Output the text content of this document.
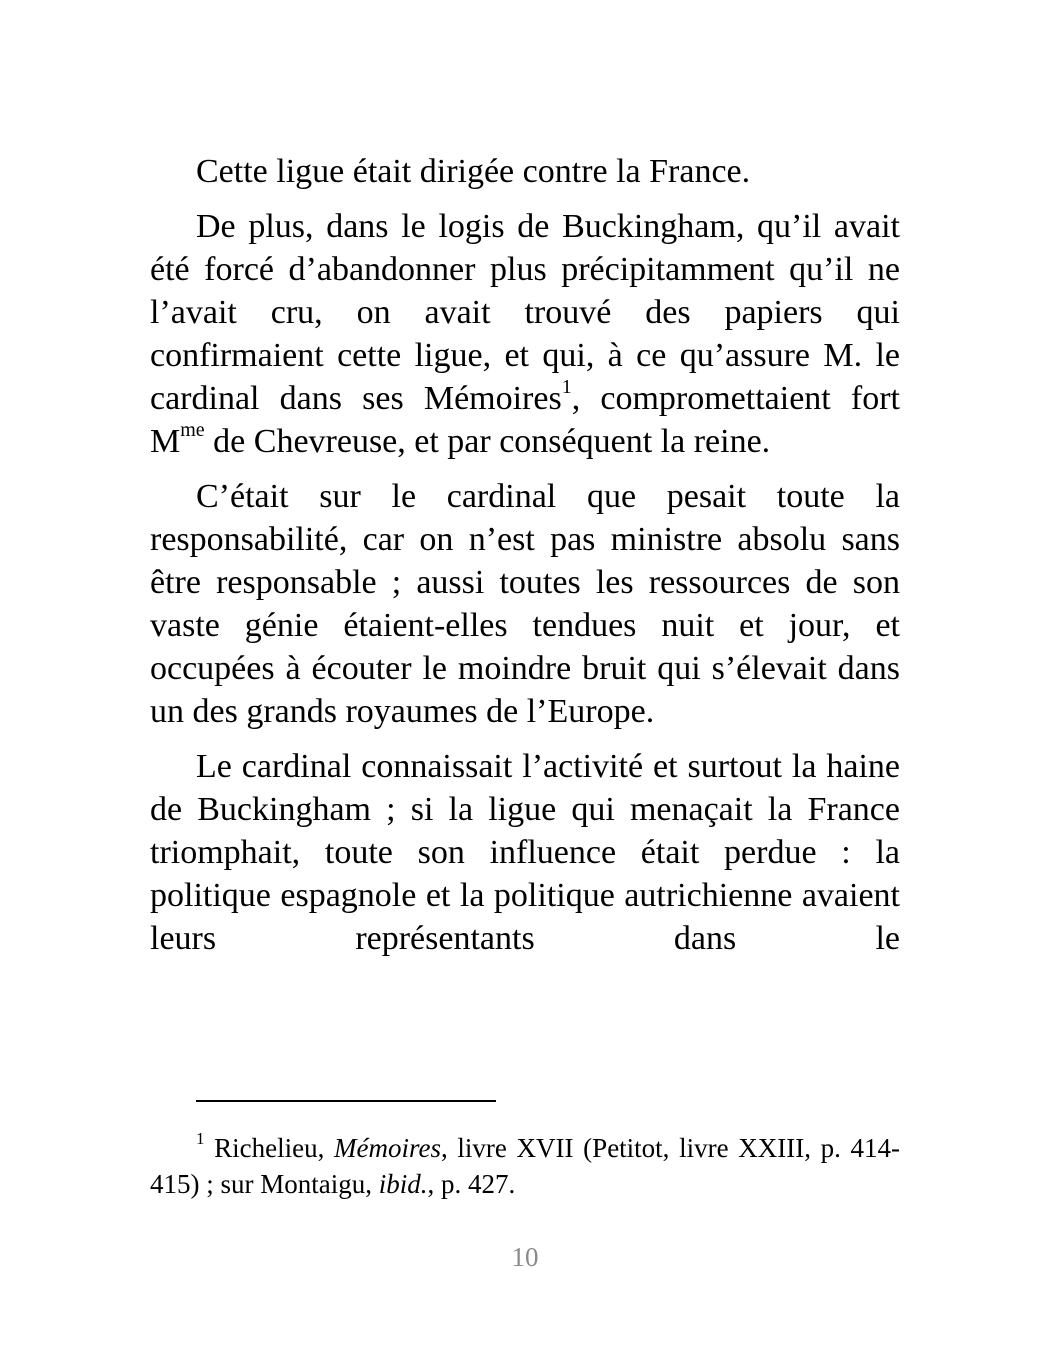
Cette ligue était dirigée contre la France.

De plus, dans le logis de Buckingham, qu’il avait été forcé d’abandonner plus précipitamment qu’il ne l’avait cru, on avait trouvé des papiers qui confirmaient cette ligue, et qui, à ce qu’assure M. le cardinal dans ses Mémoires$^1$, compromettaient fort $M^{me}$ de Chevreuse, et par conséquent la reine.

C’était sur le cardinal que pesait toute la responsabilité, car on n’est pas ministre absolu sans être responsable ; aussi toutes les ressources de son vaste génie étaient-elles tendues nuit et jour, et occupées à écouter le moindre bruit qui s’élevait dans un des grands royaumes de l’Europe.

Le cardinal connaissait l’activité et surtout la haine de Buckingham ; si la ligue qui menaçait la France triomphait, toute son influence était perdue : la politique espagnole et la politique autrichienne avaient leurs représentants dans le

$^1$ Richelieu, Mémoires, livre XVII (Petitot, livre XXIII, p. 414-415) ; sur Montaigu, ibid., p. 427.

10
